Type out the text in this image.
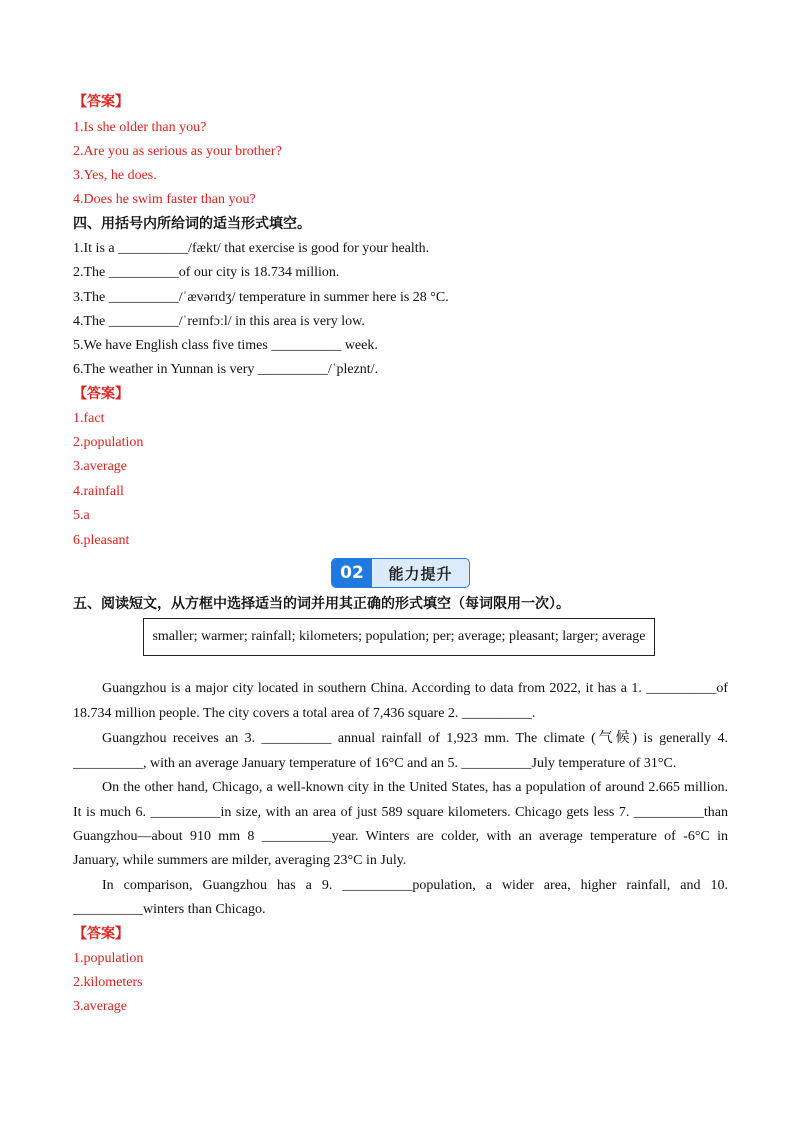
【答案】
1.Is she older than you?
2.Are you as serious as your brother?
3.Yes, he does.
4.Does he swim faster than you?
四、用括号内所给词的适当形式填空。
1.It is a __________/fækt/ that exercise is good for your health.
2.The __________of our city is 18.734 million.
3.The __________/ˈævərɪdʒ/ temperature in summer here is 28 °C.
4.The __________/ˈreɪnfɔːl/ in this area is very low.
5.We have English class five times __________ week.
6.The weather in Yunnan is very __________/ˈpleznt/.
【答案】
1.fact
2.population
3.average
4.rainfall
5.a
6.pleasant
02	能力提升
五、阅读短文，从方框中选择适当的词并用其正确的形式填空（每词限用一次）。
smaller; warmer; rainfall; kilometers; population; per; average; pleasant; larger; average
Guangzhou is a major city located in southern China. According to data from 2022, it has a 1. __________of
18.734 million people. The city covers a total area of 7,436 square 2. __________.
Guangzhou receives an 3. __________ annual rainfall of 1,923 mm. The climate (气候) is generally 4.
__________, with an average January temperature of 16°C and an 5. __________July temperature of 31°C.
On the other hand, Chicago, a well-known city in the United States, has a population of around 2.665 million.
It is much 6. __________in size, with an area of just 589 square kilometers. Chicago gets less 7. __________than
Guangzhou—about 910 mm 8 __________year. Winters are colder, with an average temperature of -6°C in
January, while summers are milder, averaging 23°C in July.
In comparison, Guangzhou has a 9. __________population, a wider area, higher rainfall, and 10.
__________winters than Chicago.
【答案】
1.population
2.kilometers
3.average
